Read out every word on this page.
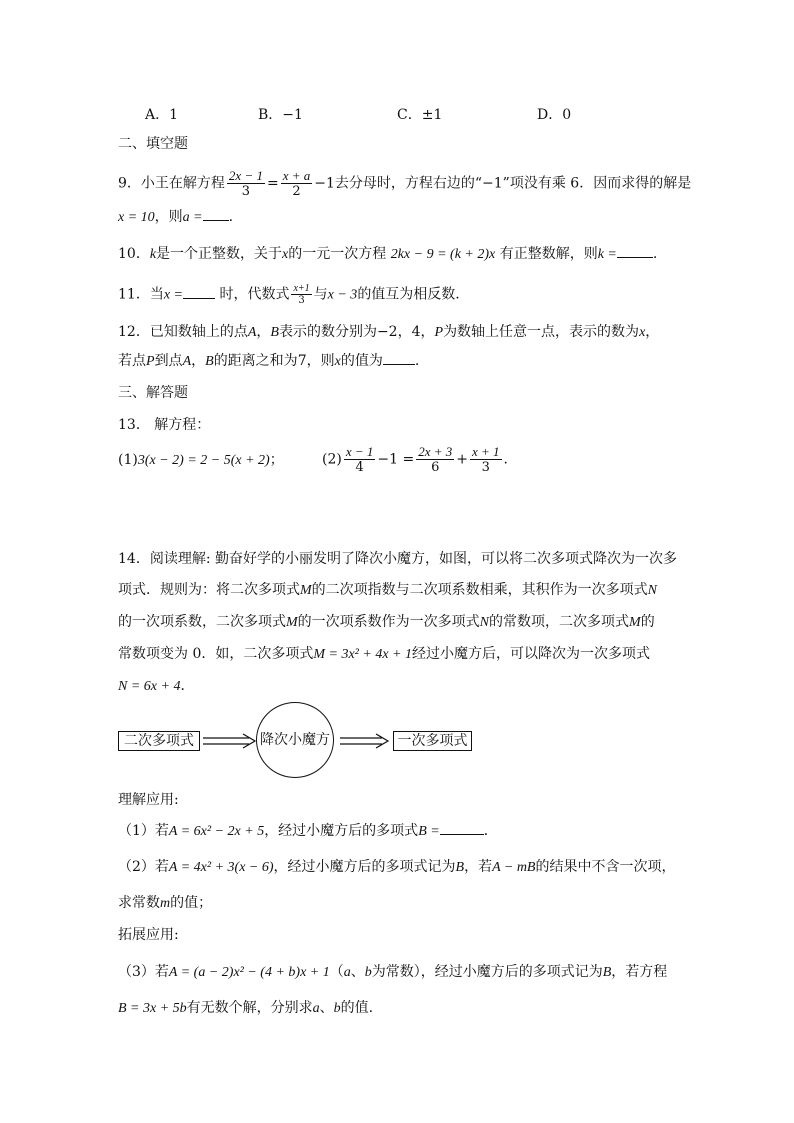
A．1	B．−1	C．±1	D．0
二、填空题
9．小王在解方程 $\frac{2x - 1}{3} = \frac{x + a}{2} -1$去分母时，方程右边的“−1”项没有乘 6．因而求得的解是
x = 10，则a = .
10．k是一个正整数，关于x的一元一次方程 2kx − 9 = (k + 2)x 有正整数解，则k =	.
11．当x =	时，代数式 $\frac{x+1}{3}$ 与x − 3的值互为相反数.
12．已知数轴上的点A，B表示的数分别为−2，4，P为数轴上任意一点，表示的数为x，
若点P到点A，B的距离之和为7，则x的值为 .
三、解答题
13． 解方程：
(1)3(x − 2) = 2 − 5(x + 2)；	$(2) \frac{x - 1}{4} -1 = \frac{2x + 3}{6} + \frac{x + 1}{3}$ .
14．阅读理解: 勤奋好学的小丽发明了降次小魔方，如图，可以将二次多项式降次为一次多
项式．规则为：将二次多项式M的二次项指数与二次项系数相乘，其积作为一次多项式N
的一次项系数，二次多项式M的一次项系数作为一次多项式N的常数项，二次多项式M的
常数项变为 0．如，二次多项式M = 3x² + 4x + 1经过小魔方后，可以降次为一次多项式
N = 6x + 4．
二次多项式	降次小魔方	一次多项式
理解应用:
（1）若A = 6x² − 2x + 5，经过小魔方后的多项式B =	．
（2）若A = 4x² + 3(x − 6)，经过小魔方后的多项式记为B，若A − mB的结果中不含一次项，
求常数m的值；
拓展应用:
（3）若A = (a − 2)x² − (4 + b)x + 1（a、b为常数），经过小魔方后的多项式记为B，若方程
B = 3x + 5b有无数个解，分别求a、b的值.
